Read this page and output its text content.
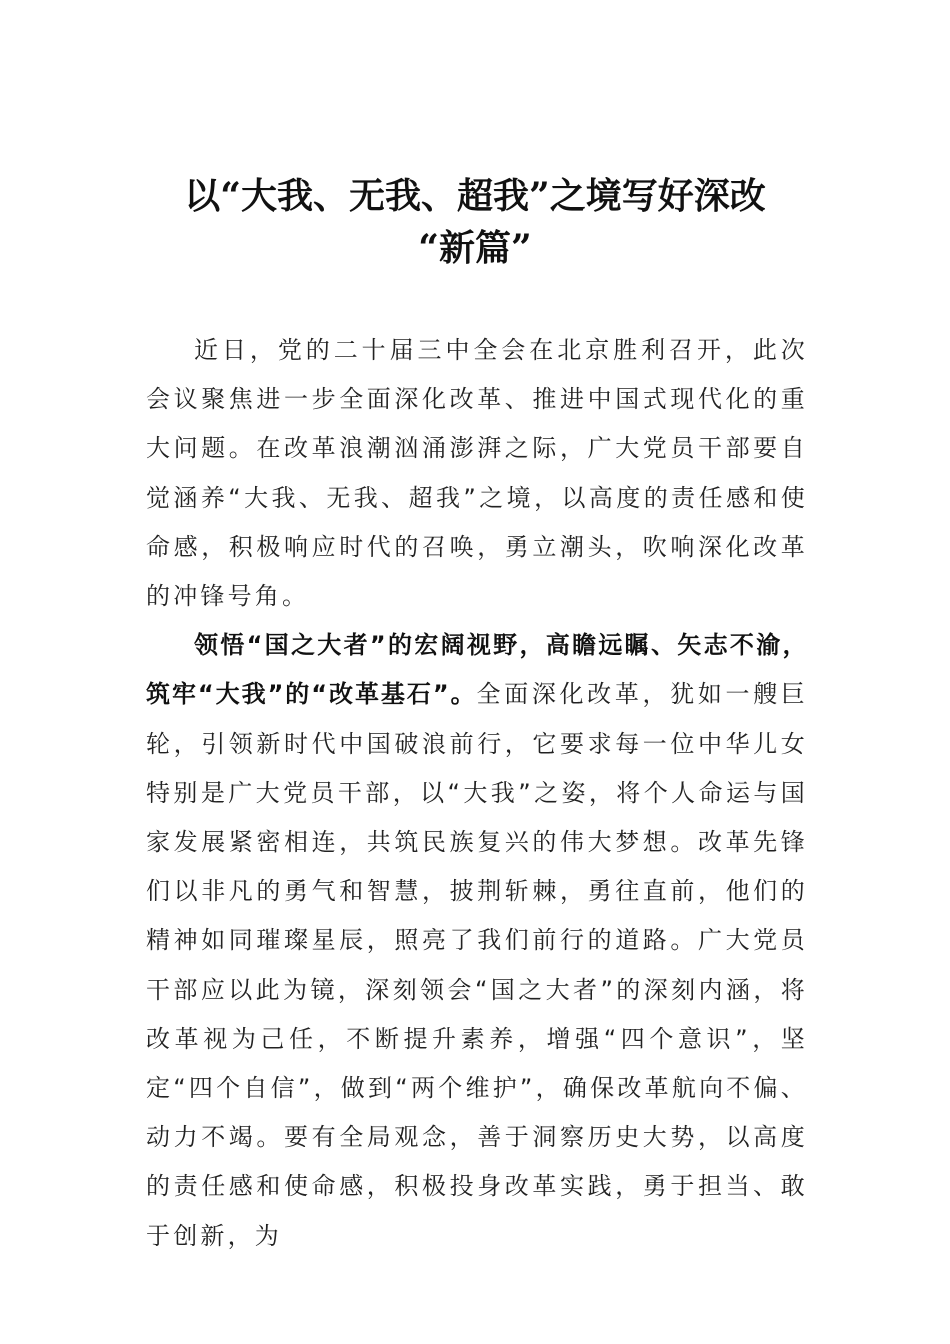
以“大我、无我、超我”之境写好深改
“新篇”

近日，党的二十届三中全会在北京胜利召开，此次会议聚焦进一步全面深化改革、推进中国式现代化的重大问题。在改革浪潮汹涌澎湃之际，广大党员干部要自觉涵养“大我、无我、超我”之境，以高度的责任感和使命感，积极响应时代的召唤，勇立潮头，吹响深化改革的冲锋号角。

领悟“国之大者”的宏阔视野，高瞻远瞩、矢志不渝，筑牢“大我”的“改革基石”。全面深化改革，犹如一艘巨轮，引领新时代中国破浪前行，它要求每一位中华儿女特别是广大党员干部，以“大我”之姿，将个人命运与国家发展紧密相连，共筑民族复兴的伟大梦想。改革先锋们以非凡的勇气和智慧，披荆斩棘，勇往直前，他们的精神如同璀璨星辰，照亮了我们前行的道路。广大党员干部应以此为镜，深刻领会“国之大者”的深刻内涵，将改革视为己任，不断提升素养，增强“四个意识”，坚定“四个自信”，做到“两个维护”，确保改革航向不偏、动力不竭。要有全局观念，善于洞察历史大势，以高度的责任感和使命感，积极投身改革实践，勇于担当、敢于创新，为
